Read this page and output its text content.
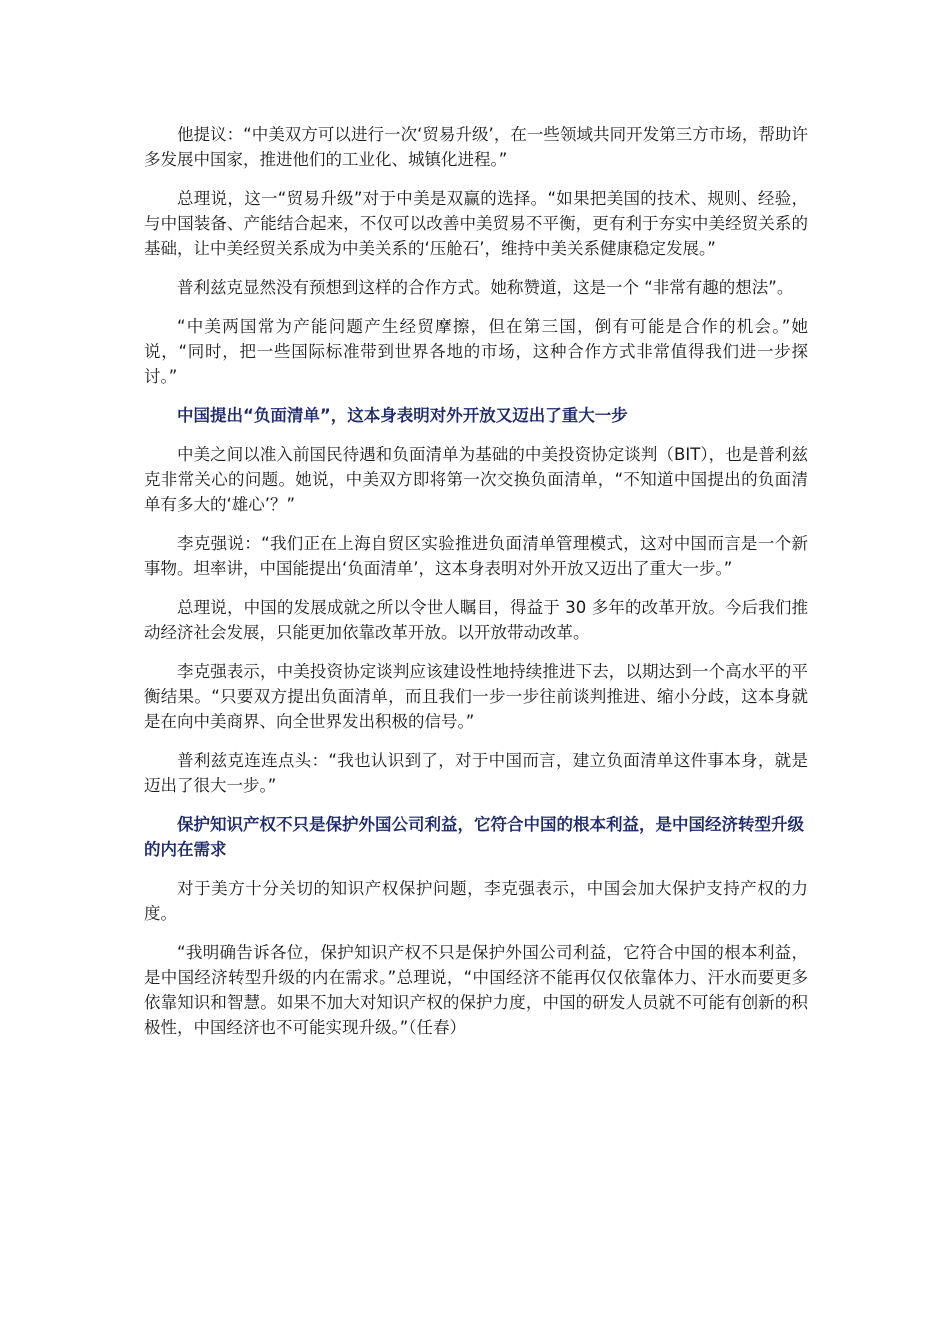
他提议：“中美双方可以进行一次‘贸易升级’，在一些领域共同开发第三方市场，帮助许多发展中国家，推进他们的工业化、城镇化进程。”

总理说，这一“贸易升级”对于中美是双赢的选择。“如果把美国的技术、规则、经验，与中国装备、产能结合起来，不仅可以改善中美贸易不平衡，更有利于夯实中美经贸关系的基础，让中美经贸关系成为中美关系的‘压舱石’，维持中美关系健康稳定发展。”

普利兹克显然没有预想到这样的合作方式。她称赞道，这是一个 “非常有趣的想法”。

“中美两国常为产能问题产生经贸摩擦，但在第三国，倒有可能是合作的机会。”她说，“同时，把一些国际标准带到世界各地的市场，这种合作方式非常值得我们进一步探讨。”

中国提出“负面清单”，这本身表明对外开放又迈出了重大一步

中美之间以准入前国民待遇和负面清单为基础的中美投资协定谈判（BIT），也是普利兹克非常关心的问题。她说，中美双方即将第一次交换负面清单，“不知道中国提出的负面清单有多大的‘雄心’？”

李克强说：“我们正在上海自贸区实验推进负面清单管理模式，这对中国而言是一个新事物。坦率讲，中国能提出‘负面清单’，这本身表明对外开放又迈出了重大一步。”

总理说，中国的发展成就之所以令世人瞩目，得益于 30 多年的改革开放。今后我们推动经济社会发展，只能更加依靠改革开放。以开放带动改革。

李克强表示，中美投资协定谈判应该建设性地持续推进下去，以期达到一个高水平的平衡结果。“只要双方提出负面清单，而且我们一步一步往前谈判推进、缩小分歧，这本身就是在向中美商界、向全世界发出积极的信号。”

普利兹克连连点头：“我也认识到了，对于中国而言，建立负面清单这件事本身，就是迈出了很大一步。”

保护知识产权不只是保护外国公司利益，它符合中国的根本利益，是中国经济转型升级的内在需求

对于美方十分关切的知识产权保护问题，李克强表示，中国会加大保护支持产权的力度。

“我明确告诉各位，保护知识产权不只是保护外国公司利益，它符合中国的根本利益，是中国经济转型升级的内在需求。”总理说，“中国经济不能再仅仅依靠体力、汗水而要更多依靠知识和智慧。如果不加大对知识产权的保护力度，中国的研发人员就不可能有创新的积极性，中国经济也不可能实现升级。”（任春）
